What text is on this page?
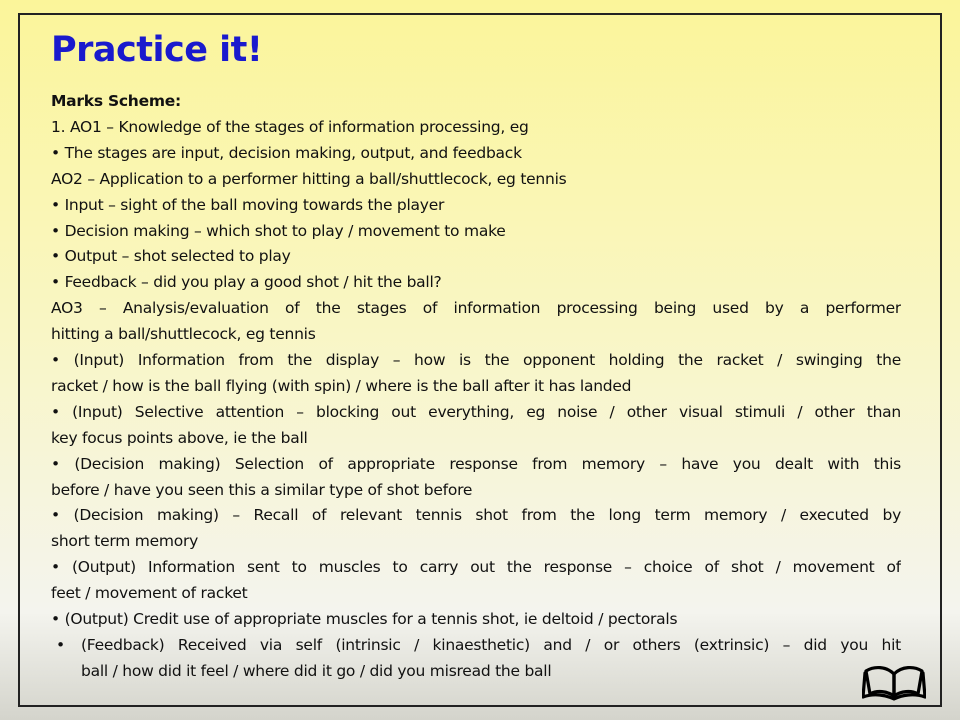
Practice it!
Marks Scheme:
1. AO1 – Knowledge of the stages of information processing, eg
• The stages are input, decision making, output, and feedback
AO2 – Application to a performer hitting a ball/shuttlecock, eg tennis
• Input – sight of the ball moving towards the player
• Decision making – which shot to play / movement to make
• Output – shot selected to play
• Feedback – did you play a good shot / hit the ball?
AO3 – Analysis/evaluation of the stages of information processing being used by a performer
hitting a ball/shuttlecock, eg tennis
• (Input) Information from the display – how is the opponent holding the racket / swinging the
racket / how is the ball flying (with spin) / where is the ball after it has landed
• (Input) Selective attention – blocking out everything, eg noise / other visual stimuli / other than
key focus points above, ie the ball
• (Decision making) Selection of appropriate response from memory – have you dealt with this
before / have you seen this a similar type of shot before
• (Decision making) – Recall of relevant tennis shot from the long term memory / executed by
short term memory
• (Output) Information sent to muscles to carry out the response – choice of shot / movement of
feet / movement of racket
• (Output) Credit use of appropriate muscles for a tennis shot, ie deltoid / pectorals
• (Feedback) Received via self (intrinsic / kinaesthetic) and / or others (extrinsic) – did you hit
ball / how did it feel / where did it go / did you misread the ball
